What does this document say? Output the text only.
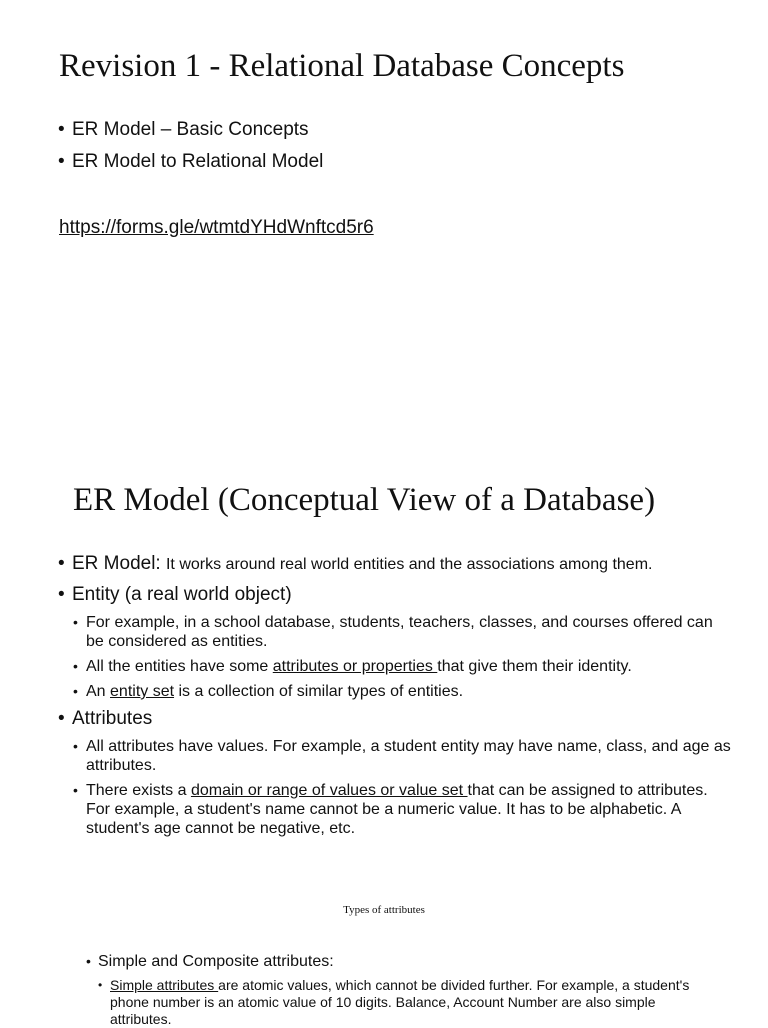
Revision 1 - Relational Database Concepts
• ER Model – Basic Concepts
• ER Model to Relational Model
https://forms.gle/wtmtdYHdWnftcd5r6
ER Model (Conceptual View of a Database)
• ER Model: It works around real world entities and the associations among them.
• Entity (a real world object)
• For example, in a school database, students, teachers, classes, and courses offered can be considered as entities.
• All the entities have some attributes or properties that give them their identity.
• An entity set is a collection of similar types of entities.
• Attributes
• All attributes have values. For example, a student entity may have name, class, and age as attributes.
• There exists a domain or range of values or value set that can be assigned to attributes. For example, a student's name cannot be a numeric value. It has to be alphabetic. A student's age cannot be negative, etc.
Types of attributes
• Simple and Composite attributes:
• Simple attributes are atomic values, which cannot be divided further. For example, a student's phone number is an atomic value of 10 digits. Balance, Account Number are also simple attributes.
